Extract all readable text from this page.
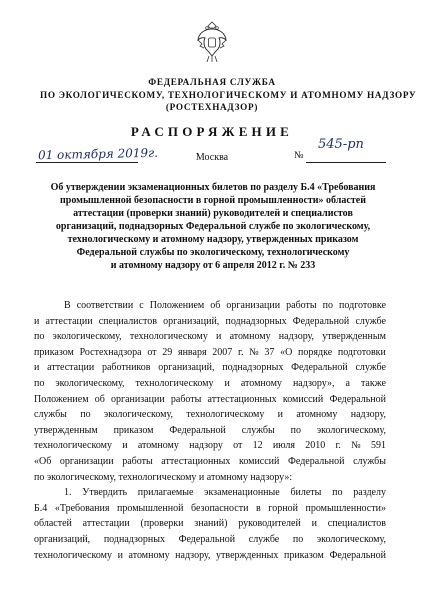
ФЕДЕРАЛЬНАЯ СЛУЖБА
ПО ЭКОЛОГИЧЕСКОМУ, ТЕХНОЛОГИЧЕСКОМУ И АТОМНОМУ НАДЗОРУ
(РОСТЕХНАДЗОР)
РАСПОРЯЖЕНИЕ
01 октября 2019г.	Москва	№
545-рп
Об утверждении экзаменационных билетов по разделу Б.4 «Требования
промышленной безопасности в горной промышленности» областей
аттестации (проверки знаний) руководителей и специалистов
организаций, поднадзорных Федеральной службе по экологическому,
технологическому и атомному надзору, утвержденных приказом
Федеральной службы по экологическому, технологическому
и атомному надзору от 6 апреля 2012 г. № 233
В соответствии с Положением об организации работы по подготовке
и аттестации специалистов организаций, поднадзорных Федеральной службе
по экологическому, технологическому и атомному надзору, утвержденным
приказом Ростехнадзора от 29 января 2007 г. № 37 «О порядке подготовки
и аттестации работников организаций, поднадзорных Федеральной службе
по экологическому, технологическому и атомному надзору», а также
Положением об организации работы аттестационных комиссий Федеральной
службы по экологическому, технологическому и атомному надзору,
утвержденным приказом Федеральной службы по экологическому,
технологическому и атомному надзору от 12 июля 2010 г. № 591
«Об организации работы аттестационных комиссий Федеральной службы
по экологическому, технологическому и атомному надзору»:
1. Утвердить прилагаемые экзаменационные билеты по разделу
Б.4 «Требования промышленной безопасности в горной промышленности»
областей аттестации (проверки знаний) руководителей и специалистов
организаций, поднадзорных Федеральной службе по экологическому,
технологическому и атомному надзору, утвержденных приказом Федеральной
